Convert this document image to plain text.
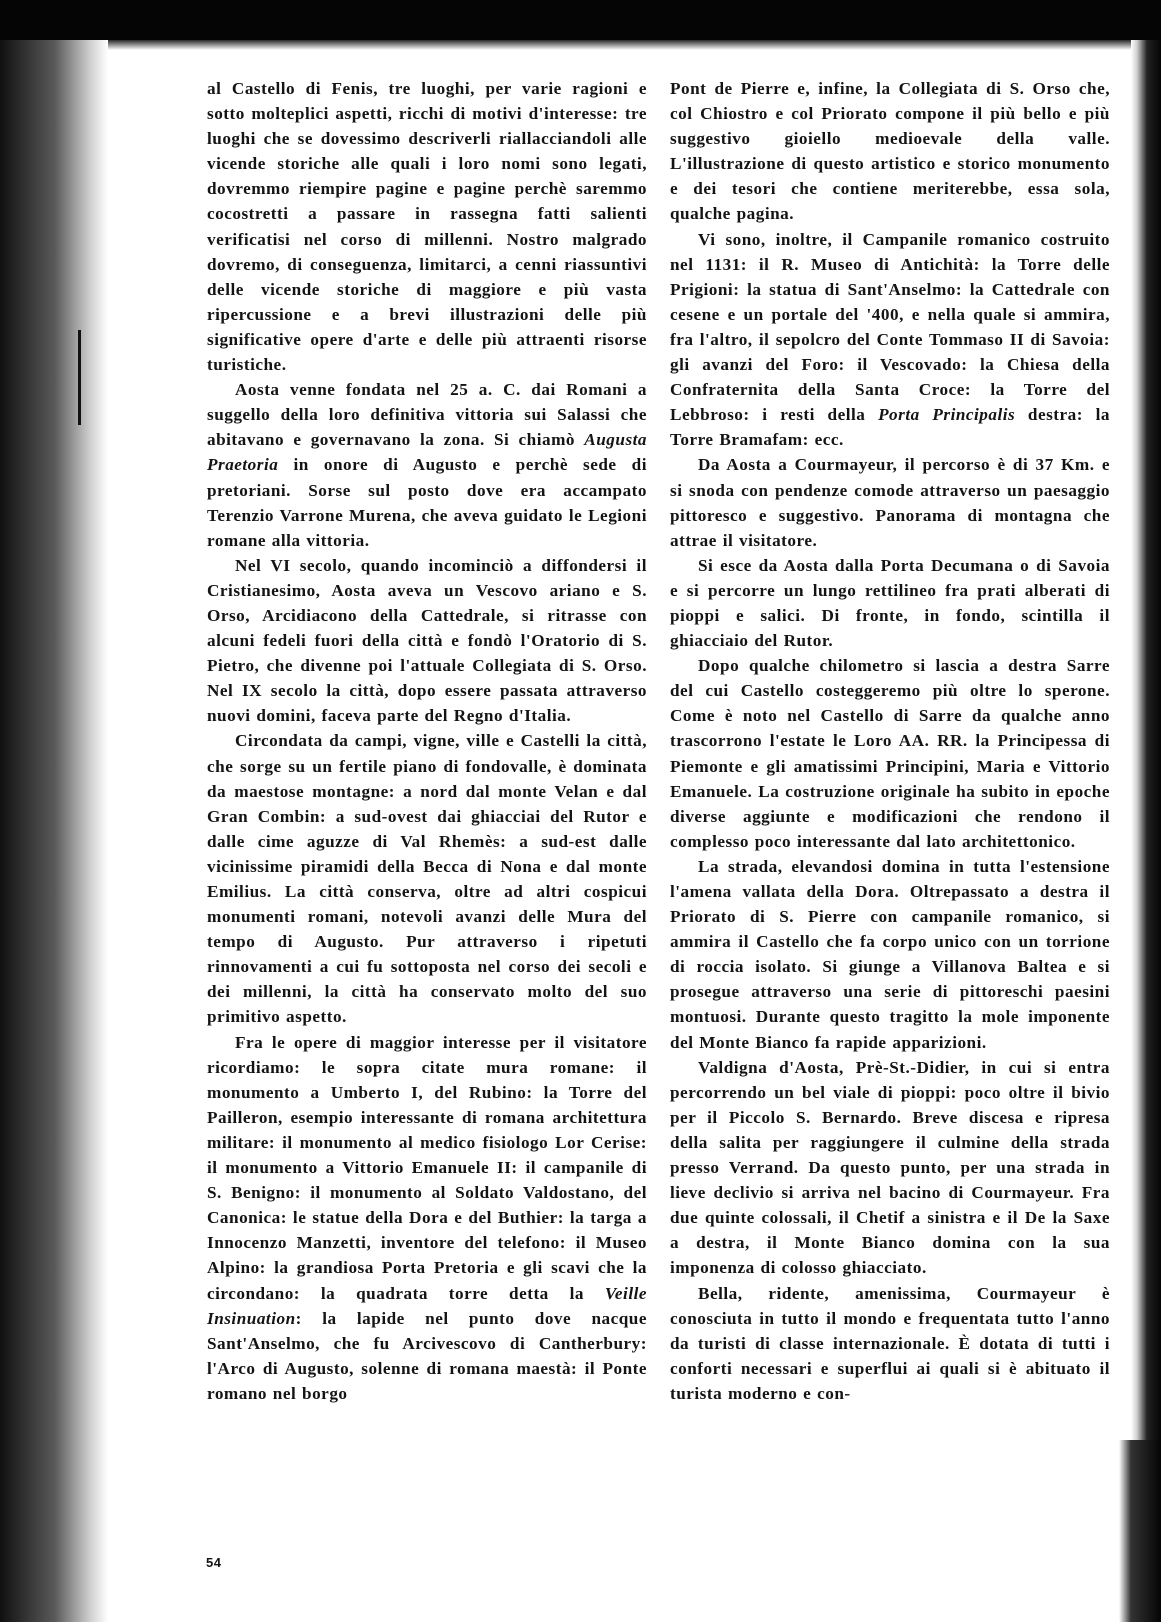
al Castello di Fenis, tre luoghi, per varie ragioni e sotto molteplici aspetti, ricchi di motivi d'interesse: tre luoghi che se dovessimo descriverli riallacciandoli alle vicende storiche alle quali i loro nomi sono legati, dovremmo riempire pagine e pagine perchè saremmo cocostretti a passare in rassegna fatti salienti verificatisi nel corso di millenni. Nostro malgrado dovremo, di conseguenza, limitarci, a cenni riassuntivi delle vicende storiche di maggiore e più vasta ripercussione e a brevi illustrazioni delle più significative opere d'arte e delle più attraenti risorse turistiche.

Aosta venne fondata nel 25 a. C. dai Romani a suggello della loro definitiva vittoria sui Salassi che abitavano e governavano la zona. Si chiamò Augusta Praetoria in onore di Augusto e perchè sede di pretoriani. Sorse sul posto dove era accampato Terenzio Varrone Murena, che aveva guidato le Legioni romane alla vittoria.

Nel VI secolo, quando incominciò a diffondersi il Cristianesimo, Aosta aveva un Vescovo ariano e S. Orso, Arcidiacono della Cattedrale, si ritrasse con alcuni fedeli fuori della città e fondò l'Oratorio di S. Pietro, che divenne poi l'attuale Collegiata di S. Orso. Nel IX secolo la città, dopo essere passata attraverso nuovi domini, faceva parte del Regno d'Italia.

Circondata da campi, vigne, ville e Castelli la città, che sorge su un fertile piano di fondovalle, è dominata da maestose montagne: a nord dal monte Velan e dal Gran Combin: a sud-ovest dai ghiacciai del Rutor e dalle cime aguzze di Val Rhemès: a sud-est dalle vicinissime piramidi della Becca di Nona e dal monte Emilius. La città conserva, oltre ad altri cospicui monumenti romani, notevoli avanzi delle Mura del tempo di Augusto. Pur attraverso i ripetuti rinnovamenti a cui fu sottoposta nel corso dei secoli e dei millenni, la città ha conservato molto del suo primitivo aspetto.

Fra le opere di maggior interesse per il visitatore ricordiamo: le sopra citate mura romane: il monumento a Umberto I, del Rubino: la Torre del Pailleron, esempio interessante di romana architettura militare: il monumento al medico fisiologo Lor Cerise: il monumento a Vittorio Emanuele II: il campanile di S. Benigno: il monumento al Soldato Valdostano, del Canonica: le statue della Dora e del Buthier: la targa a Innocenzo Manzetti, inventore del telefono: il Museo Alpino: la grandiosa Porta Pretoria e gli scavi che la circondano: la quadrata torre detta la Veille Insinuation: la lapide nel punto dove nacque Sant'Anselmo, che fu Arcivescovo di Cantherbury: l'Arco di Augusto, solenne di romana maestà: il Ponte romano nel borgo

Pont de Pierre e, infine, la Collegiata di S. Orso che, col Chiostro e col Priorato compone il più bello e più suggestivo gioiello medioevale della valle. L'illustrazione di questo artistico e storico monumento e dei tesori che contiene meriterebbe, essa sola, qualche pagina.

Vi sono, inoltre, il Campanile romanico costruito nel 1131: il R. Museo di Antichità: la Torre delle Prigioni: la statua di Sant'Anselmo: la Cattedrale con cesene e un portale del '400, e nella quale si ammira, fra l'altro, il sepolcro del Conte Tommaso II di Savoia: gli avanzi del Foro: il Vescovado: la Chiesa della Confraternita della Santa Croce: la Torre del Lebbroso: i resti della Porta Principalis destra: la Torre Bramafam: ecc.

Da Aosta a Courmayeur, il percorso è di 37 Km. e si snoda con pendenze comode attraverso un paesaggio pittoresco e suggestivo. Panorama di montagna che attrae il visitatore.

Si esce da Aosta dalla Porta Decumana o di Savoia e si percorre un lungo rettilineo fra prati alberati di pioppi e salici. Di fronte, in fondo, scintilla il ghiacciaio del Rutor.

Dopo qualche chilometro si lascia a destra Sarre del cui Castello costeggeremo più oltre lo sperone. Come è noto nel Castello di Sarre da qualche anno trascorrono l'estate le Loro AA. RR. la Principessa di Piemonte e gli amatissimi Principini, Maria e Vittorio Emanuele. La costruzione originale ha subito in epoche diverse aggiunte e modificazioni che rendono il complesso poco interessante dal lato architettonico.

La strada, elevandosi domina in tutta l'estensione l'amena vallata della Dora. Oltrepassato a destra il Priorato di S. Pierre con campanile romanico, si ammira il Castello che fa corpo unico con un torrione di roccia isolato. Si giunge a Villanova Baltea e si prosegue attraverso una serie di pittoreschi paesini montuosi. Durante questo tragitto la mole imponente del Monte Bianco fa rapide apparizioni.

Valdigna d'Aosta, Prè-St.-Didier, in cui si entra percorrendo un bel viale di pioppi: poco oltre il bivio per il Piccolo S. Bernardo. Breve discesa e ripresa della salita per raggiungere il culmine della strada presso Verrand. Da questo punto, per una strada in lieve declivio si arriva nel bacino di Courmayeur. Fra due quinte colossali, il Chetif a sinistra e il De la Saxe a destra, il Monte Bianco domina con la sua imponenza di colosso ghiacciato.

Bella, ridente, amenissima, Courmayeur è conosciuta in tutto il mondo e frequentata tutto l'anno da turisti di classe internazionale. È dotata di tutti i conforti necessari e superflui ai quali si è abituato il turista moderno e con-

54
